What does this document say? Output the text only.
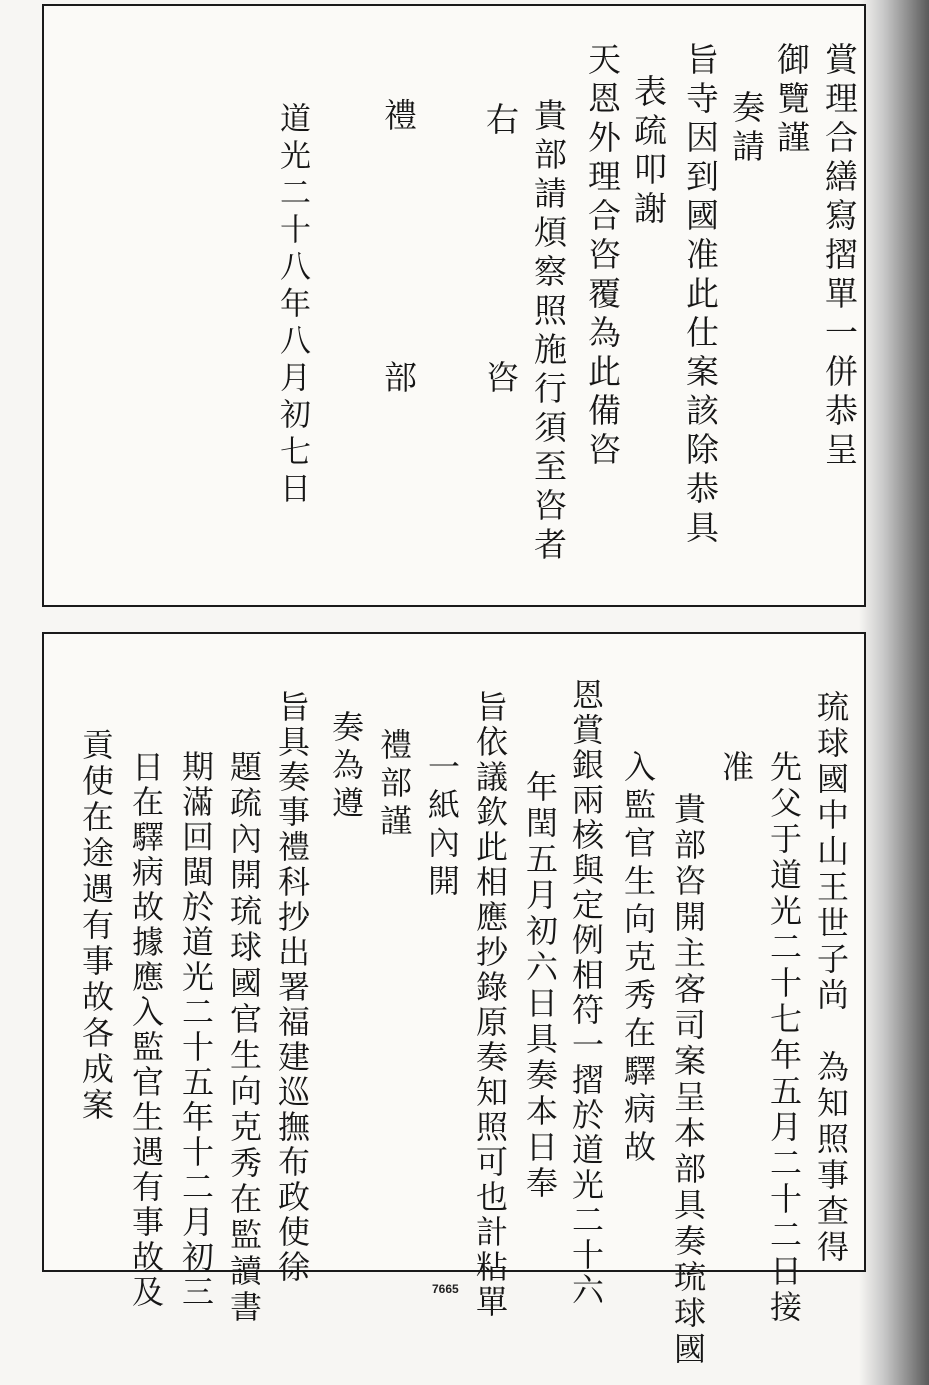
賞理合繕寫摺單一併恭呈
御覽謹
奏請
旨寺因到國准此仕案該除恭具
表疏叩謝
天恩外理合咨覆為此備咨
貴部請煩察照施行須至咨者
右
咨
禮
部
道光二十八年八月初七日
琉球國中山王世子尚　為知照事查得
先父于道光二十七年五月二十二日接
准
貴部咨開主客司案呈本部具奏琉球國
入監官生向克秀在驛病故
恩賞銀兩核與定例相符一摺於道光二十六
年閏五月初六日具奏本日奉
旨依議欽此相應抄錄原奏知照可也計粘單
一紙內開
禮部謹
奏為遵
旨具奏事禮科抄出署福建巡撫布政使徐
題疏內開琉球國官生向克秀在監讀書
期滿回閩於道光二十五年十二月初三
日在驛病故據應入監官生遇有事故及
貢使在途遇有事故各成案
7665
